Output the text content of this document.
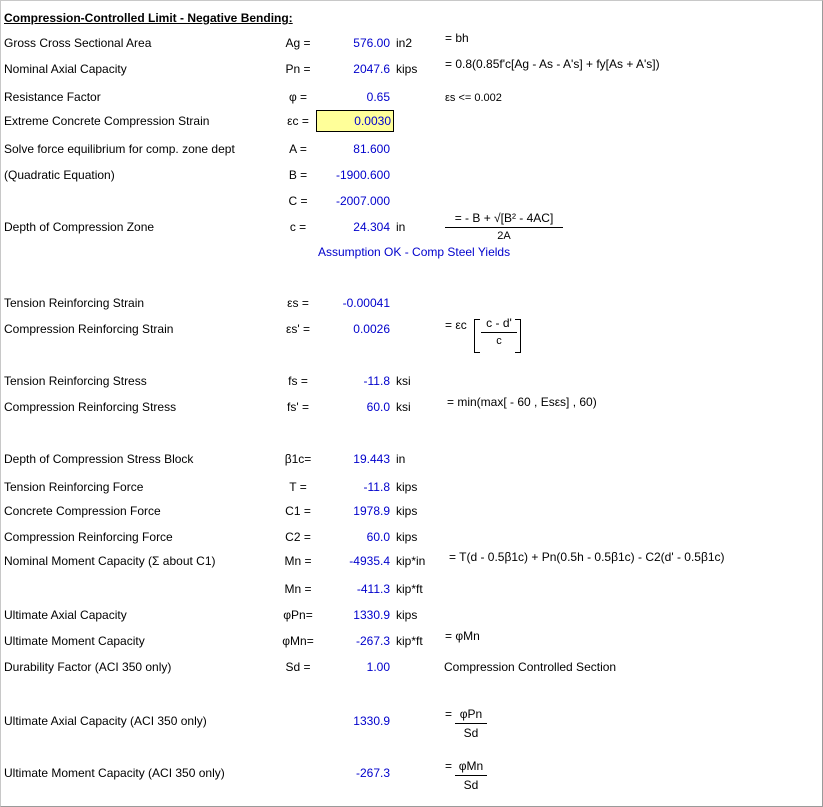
Compression-Controlled Limit - Negative Bending:
Gross Cross Sectional Area	Ag =	576.00 in2
Nominal Axial Capacity	Pn =	2047.6 kips
Resistance Factor	φ =	0.65
Extreme Concrete Compression Strain	εc =	0.0030
Solve force equilibrium for comp. zone dept	A =	81.600
(Quadratic Equation)	B =	-1900.600
C =	-2007.000
Depth of Compression Zone	c =	24.304 in
Tension Reinforcing Strain	εs =	-0.00041
Compression Reinforcing Strain	εs' =	0.0026
Tension Reinforcing Stress	fs =	-11.8 ksi
Compression Reinforcing Stress	fs' =	60.0 ksi
Depth of Compression Stress Block	β1c=	19.443 in
Tension Reinforcing Force	T =	-11.8 kips
Concrete Compression Force	C1 =	1978.9 kips
Compression Reinforcing Force	C2 =	60.0 kips
Nominal Moment Capacity (Σ about C1)	Mn =	-4935.4 kip*in
Mn =	-411.3 kip*ft
Ultimate Axial Capacity	φPn=	1330.9 kips
Ultimate Moment Capacity	φMn=	-267.3 kip*ft
Durability Factor (ACI 350 only)	Sd =	1.00
Ultimate Axial Capacity (ACI 350 only)	1330.9
Ultimate Moment Capacity (ACI 350 only)	-267.3
= bh
= 0.8(0.85f'c[Ag - As - A's] + fy[As + A's])
εs <= 0.002
= - B + √[B² - 4AC]
2A
Assumption OK - Comp Steel Yields
= εc	c - d'
c
= min(max[ - 60 , Esεs] , 60)
= T(d - 0.5β1c) + Pn(0.5h - 0.5β1c) - C2(d' - 0.5β1c)
= φMn
Compression Controlled Section
= φPn
Sd
= φMn
Sd
